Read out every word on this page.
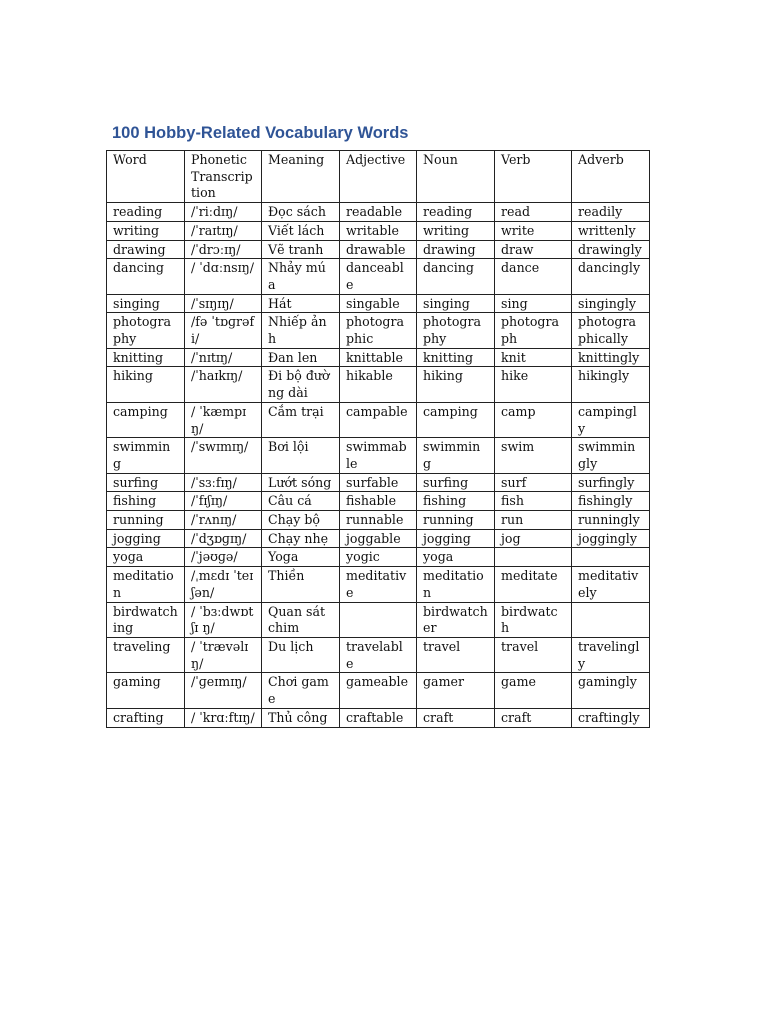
100 Hobby-Related Vocabulary Words
Word	Phonetic Transcription	Meaning	Adjective	Noun	Verb	Adverb
reading	/ˈriːdɪŋ/	Đọc sách	readable	reading	read	readily
writing	/ˈraɪtɪŋ/	Viết lách	writable	writing	write	writtenly
drawing	/ˈdrɔːɪŋ/	Vẽ tranh	drawable	drawing	draw	drawingly
dancing	/ ˈdɑːnsɪŋ/	Nhảy múa	danceable	dancing	dance	dancingly
singing	/ˈsɪŋɪŋ/	Hát	singable	singing	sing	singingly
photography	/fə ˈtɒɡrəfi/	Nhiếp ảnh	photographic	photography	photograph	photographically
knitting	/ˈnɪtɪŋ/	Đan len	knittable	knitting	knit	knittingly
hiking	/ˈhaɪkɪŋ/	Đi bộ đường dài	hikable	hiking	hike	hikingly
camping	/ ˈkæmpɪŋ/	Cắm trại	campable	camping	camp	campingly
swimming	/ˈswɪmɪŋ/	Bơi lội	swimmable	swimming	swim	swimmingly
surfing	/ˈsɜːfɪŋ/	Lướt sóng	surfable	surfing	surf	surfingly
fishing	/ˈfɪʃɪŋ/	Câu cá	fishable	fishing	fish	fishingly
running	/ˈrʌnɪŋ/	Chạy bộ	runnable	running	run	runningly
jogging	/ˈdʒɒɡɪŋ/	Chạy nhẹ	joggable	jogging	jog	joggingly
yoga	/ˈjəʊɡə/	Yoga	yogic	yoga		
meditation	/ˌmɛdɪ ˈteɪʃən/	Thiền	meditative	meditation	meditate	meditatively
birdwatching	/ ˈbɜːdwɒtʃɪ ŋ/	Quan sát chim		birdwatcher	birdwatch	
traveling	/ ˈtrævəlɪŋ/	Du lịch	travelable	travel	travel	travelingly
gaming	/ˈɡeɪmɪŋ/	Chơi game	gameable	gamer	game	gamingly
crafting	/ ˈkrɑːftɪŋ/	Thủ công	craftable	craft	craft	craftingly
